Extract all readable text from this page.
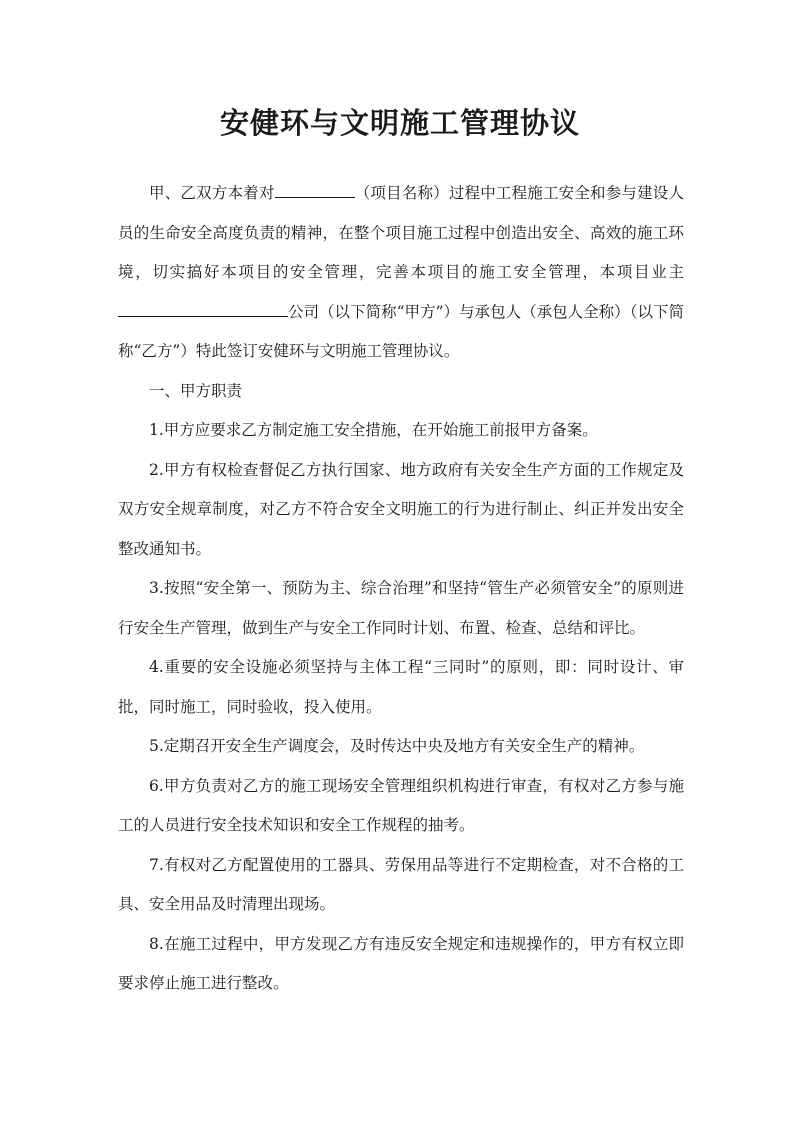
安健环与文明施工管理协议

甲、乙双方本着对	（项目名称）过程中工程施工安全和参与建设人员的生命安全高度负责的精神，在整个项目施工过程中创造出安全、高效的施工环境，切实搞好本项目的安全管理，完善本项目的施工安全管理，本项目业主公司（以下简称“甲方”）与承包人（承包人全称）（以下简称“乙方”）特此签订安健环与文明施工管理协议。

一、甲方职责

1.甲方应要求乙方制定施工安全措施，在开始施工前报甲方备案。

2.甲方有权检查督促乙方执行国家、地方政府有关安全生产方面的工作规定及双方安全规章制度，对乙方不符合安全文明施工的行为进行制止、纠正并发出安全整改通知书。

3.按照“安全第一、预防为主、综合治理”和坚持“管生产必须管安全”的原则进行安全生产管理，做到生产与安全工作同时计划、布置、检查、总结和评比。

4.重要的安全设施必须坚持与主体工程“三同时”的原则，即：同时设计、审批，同时施工，同时验收，投入使用。

5.定期召开安全生产调度会，及时传达中央及地方有关安全生产的精神。

6.甲方负责对乙方的施工现场安全管理组织机构进行审查，有权对乙方参与施工的人员进行安全技术知识和安全工作规程的抽考。

7.有权对乙方配置使用的工器具、劳保用品等进行不定期检查，对不合格的工具、安全用品及时清理出现场。

8.在施工过程中，甲方发现乙方有违反安全规定和违规操作的，甲方有权立即要求停止施工进行整改。
